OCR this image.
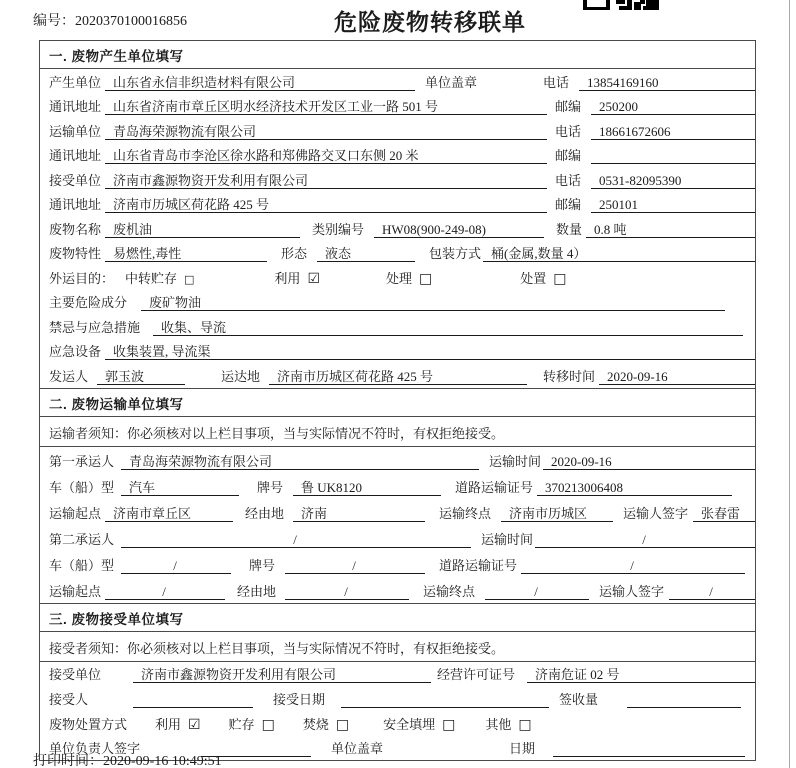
编号：2020370100016856	危险废物转移联单
一. 废物产生单位填写
产生单位 山东省永信非织造材料有限公司	单位盖章	电话	13854169160
通讯地址 山东省济南市章丘区明水经济技术开发区工业一路 501 号	邮编	250200
运输单位 青岛海荣源物流有限公司	电话	18661672606
通讯地址 山东省青岛市李沧区徐水路和郑佛路交叉口东侧 20 米	邮编
接受单位 济南市鑫源物资开发利用有限公司	电话	0531-82095390
通讯地址 济南市历城区荷花路 425 号	邮编	250101
废物名称 废机油	类别编号	HW08(900-249-08)	数量 0.8 吨
废物特性 易燃性,毒性	形态	液态	包装方式 桶(金属,数量 4）
外运目的： 中转贮存 □	利用 ☑	处理 □	处置 □
主要危险成分	废矿物油
禁忌与应急措施	收集、导流
应急设备 收集装置, 导流渠
发运人	郭玉波	运达地	济南市历城区荷花路 425 号	转移时间 2020-09-16
二. 废物运输单位填写
运输者须知：你必须核对以上栏目事项，当与实际情况不符时，有权拒绝接受。
第一承运人	青岛海荣源物流有限公司	运输时间 2020-09-16
车（船）型	汽车	牌号	鲁 UK8120	道路运输证号 370213006408
运输起点 济南市章丘区	经由地	济南	运输终点	济南市历城区	运输人签字 张春雷
第二承运人	/	运输时间	/
车（船）型	/	牌号	/	道路运输证号	/
运输起点	/	经由地	/	运输终点	/	运输人签字	/
三. 废物接受单位填写
接受者须知：你必须核对以上栏目事项，当与实际情况不符时，有权拒绝接受。
接受单位	济南市鑫源物资开发利用有限公司	经营许可证号	济南危证 02 号
接受人	接受日期	签收量
废物处置方式	利用 ☑ 贮存 □ 焚烧 □	安全填埋 □ 其他 □
单位负责人签字	单位盖章	日期
打印时间：2020-09-16 10:49:51
